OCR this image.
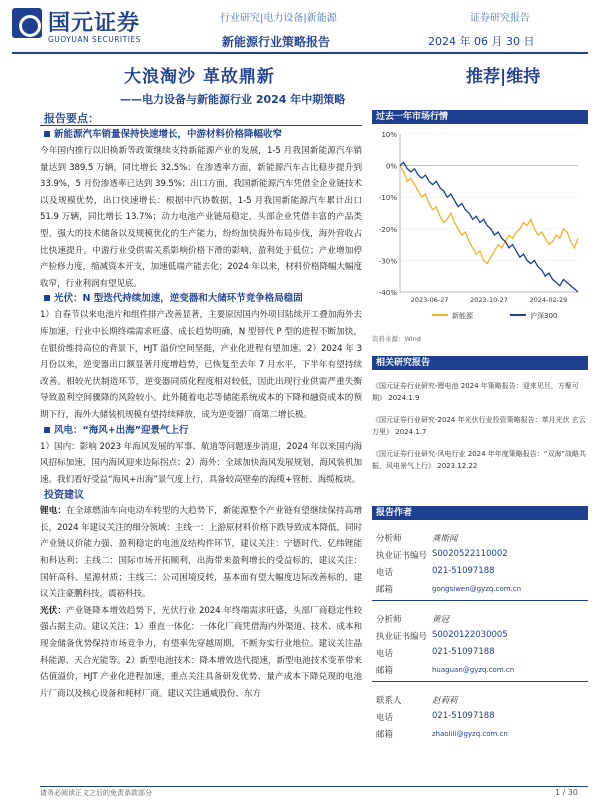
国元证券
GUOYUAN SECURITIES
行业研究|电力设备|新能源	证券研究报告
新能源行业策略报告	2024 年 06 月 30 日
大浪淘沙 革故鼎新	推荐|维持
——电力设备与新能源行业 2024 年中期策略
报告要点：
新能源汽车销量保持快速增长，中游材料价格降幅收窄

今年国内推行以旧换新等政策继续支持新能源产业的发展，1-5 月我国新能源汽车销量达到 389.5 万辆，同比增长 32.5%；在渗透率方面，新能源汽车占比稳步提升到 33.9%，5 月份渗透率已达到 39.5%；出口方面，我国新能源汽车凭借全企业链技术以及规模优势，出口快速增长：根据中汽协数据，1-5 月我国新能源汽车累计出口 51.9 万辆，同比增长 13.7%；动力电池产业链局稳定，头部企业凭借丰富的产品类型，强大的技术储备以及规模优化的生产能力，纷纷加快海外布局步伐，海外营收占比快速提升。中游行业受供需关系影响价格下滑的影响，盈利处于低位；产业增加停产检修力度，缩减资本开支，加速低端产能去化；2024 年以来，材料价格降幅大幅度收窄，行业利润有望见底。

光伏：N 型迭代持续加速，逆变器和大储环节竞争格局稳固

1）自春节以来电池片和组件排产改善显著，主要原因国内外项目陆续开工叠加海外去库加速，行业中长期终端需求旺盛、成长趋势明确，N 型替代 P 型的进程不断加快，在银价维持高位的背景下，HJT 溢价空间坚挺，产业化进程有望加速。2）2024 年 3 月份以来，逆变器出口额显著月度增趋势，已恢复至去年 7 月水平，下半年有望持续改善。相较光伏制造环节，逆变器同质化程度相对较低，因此出现行业供需严重失衡导致盈利空间骤降的风险较小。此外随着电芯等储能系统成本的下降和融资成本的预期下行，海外大储装机规模有望持续释放，成为逆变器厂商第二增长极。

风电：“海风+出海”迎景气上行

1）国内：影响 2023 年海风发展的军事、航道等问题逐步消退，2024 年以来国内海风招标加速，国内海风迎来边际拐点；2）海外：全球加快海风发展规划，海风装机加速。我们看好受益“海风+出海”景气度上行，具备较高壁垒的海缆+管桩、海缆板块。

投资建议

锂电：在全球燃油车向电动车转型的大趋势下，新能源整个产业链有望继续保持高增长，2024 年建议关注的细分领域：主线一：上游原材料价格下跌导致成本降低，同时产业链议价能力强、盈利稳定的电池及结构件环节，建议关注：宁德时代、亿纬锂能和科达利；主线二：国际市场开拓顺利，出海带来盈利增长的受益标的，建议关注：国轩高科、星源材质；主线三：公司困境反转，基本面有望大幅度边际改善标的，建议关注豪鹏科技，震裕科技。

光伏：产业链降本增效趋势下，光伏行业 2024 年终端需求旺盛，头部厂商稳定性较强占据主动。建议关注：1）垂直一体化：一体化厂商凭借海内外渠道、技术、成本和现金储备优势保持市场竞争力，有望率先穿越周期，不断夯实行业地位。建议关注晶科能源、天合光能等。2）新型电池技术：降本增效迭代提速，新型电池技术变革带来估值溢价，HJT 产业化进程加速，重点关注具备研发优势、量产成本下降兑现的电池片厂商以及核心设备和耗材厂商。建议关注通威股份、东方

过去一年市场行情
10%
0%
-10%
-20%
-30%
-40%
2023-06-27	2023-10-27	2024-02-29
新能源	沪深300
资料来源：Wind
相关研究报告
《国元证券行业研究-锂电池 2024 年策略报告：迎来见旦，方聚可期》 2024.1.9
《国元证券行业研究-2024 年光伏行业投资策略报告：革月光伏 玄云万里》 2024.1.7
《国元证券行业研究-风电行业 2024 年年度策略报告：“双海”战略共振，风电景气上行》 2023.12.22
报告作者
分析师	龚斯闻
执业证书编号 S0020522110002
电话	021-51097188
邮箱	gongsiwen@gyzq.com.cn
分析师	黄冠
执业证书编号 S0020122030005
电话	021-51097188
邮箱	huaguan@gyzq.com.cn
联系人	赵莉莉
电话	021-51097188
邮箱	zhaolili@gyzq.com.cn
请务必阅读正文之后的免责条款部分	1 / 30
